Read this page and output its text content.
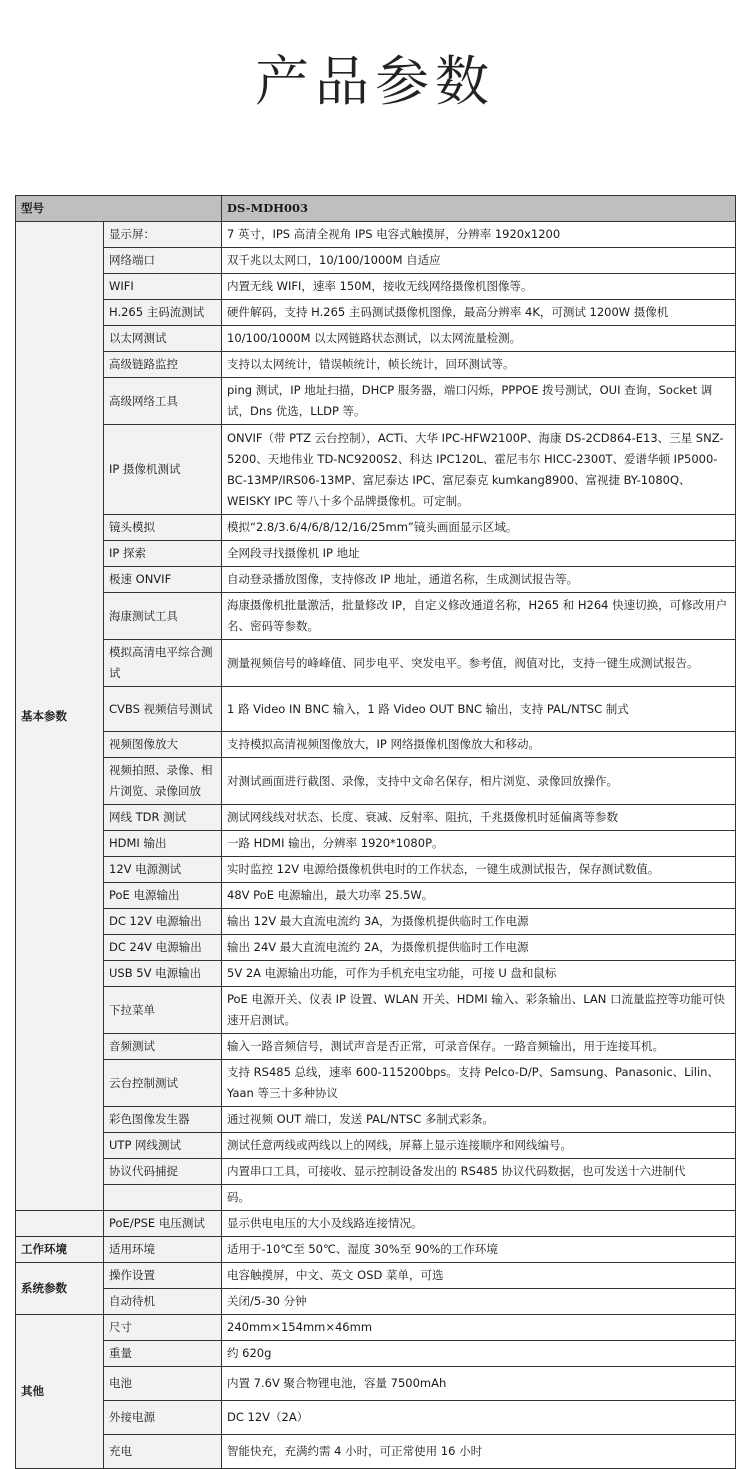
产品参数
型号		DS-MDH003
基本参数	显示屏：	7 英寸，IPS 高清全视角 IPS 电容式触摸屏，分辨率 1920x1200
	网络端口	双千兆以太网口，10/100/1000M 自适应
	WIFI	内置无线 WIFI，速率 150M，接收无线网络摄像机图像等。
	H.265 主码流测试	硬件解码，支持 H.265 主码测试摄像机图像，最高分辨率 4K，可测试 1200W 摄像机
	以太网测试	10/100/1000M 以太网链路状态测试，以太网流量检测。
	高级链路监控	支持以太网统计，错误帧统计，帧长统计，回环测试等。
	高级网络工具	ping 测试，IP 地址扫描，DHCP 服务器，端口闪烁，PPPOE 拨号测试，OUI 查询，Socket 调试，Dns 优选，LLDP 等。
	IP 摄像机测试	ONVIF（带 PTZ 云台控制），ACTi、大华 IPC-HFW2100P、海康 DS-2CD864-E13、三星 SNZ-5200、天地伟业 TD-NC9200S2、科达 IPC120L、霍尼韦尔 HICC-2300T、爱谱华顿 IP5000-BC-13MP/IRS06-13MP、富尼泰达 IPC、富尼泰克 kumkang8900、富视捷 BY-1080Q、WEISKY IPC 等八十多个品牌摄像机。可定制。
	镜头模拟	模拟“2.8/3.6/4/6/8/12/16/25mm”镜头画面显示区域。
	IP 探索	全网段寻找摄像机 IP 地址
	极速 ONVIF	自动登录播放图像，支持修改 IP 地址，通道名称，生成测试报告等。
	海康测试工具	海康摄像机批量激活，批量修改 IP，自定义修改通道名称，H265 和 H264 快速切换，可修改用户名、密码等参数。
	模拟高清电平综合测试	测量视频信号的峰峰值、同步电平、突发电平。参考值，阀值对比，支持一键生成测试报告。
	CVBS 视频信号测试	1 路 Video IN BNC 输入，1 路 Video OUT BNC 输出，支持 PAL/NTSC 制式
	视频图像放大	支持模拟高清视频图像放大，IP 网络摄像机图像放大和移动。
	视频拍照、录像、相片浏览、录像回放	对测试画面进行截图、录像，支持中文命名保存，相片浏览、录像回放操作。
	网线 TDR 测试	测试网线线对状态、长度、衰减、反射率、阻抗，千兆摄像机时延偏离等参数
	HDMI 输出	一路 HDMI 输出，分辨率 1920*1080P。
	12V 电源测试	实时监控 12V 电源给摄像机供电时的工作状态，一键生成测试报告，保存测试数值。
	PoE 电源输出	48V PoE 电源输出，最大功率 25.5W。
	DC 12V 电源输出	输出 12V 最大直流电流约 3A，为摄像机提供临时工作电源
	DC 24V 电源输出	输出 24V 最大直流电流约 2A，为摄像机提供临时工作电源
	USB 5V 电源输出	5V 2A 电源输出功能，可作为手机充电宝功能，可接 U 盘和鼠标
	下拉菜单	PoE 电源开关、仪表 IP 设置、WLAN 开关、HDMI 输入、彩条输出、LAN 口流量监控等功能可快速开启测试。
	音频测试	输入一路音频信号，测试声音是否正常，可录音保存。一路音频输出，用于连接耳机。
	云台控制测试	支持 RS485 总线，速率 600-115200bps。支持 Pelco-D/P、Samsung、Panasonic、Lilin、Yaan 等三十多种协议
	彩色图像发生器	通过视频 OUT 端口，发送 PAL/NTSC 多制式彩条。
	UTP 网线测试	测试任意两线或两线以上的网线，屏幕上显示连接顺序和网线编号。
	协议代码捕捉	内置串口工具，可接收、显示控制设备发出的 RS485 协议代码数据，也可发送十六进制代
		码。
	PoE/PSE 电压测试	显示供电电压的大小及线路连接情况。
工作环境	适用环境	适用于-10℃至 50℃、湿度 30%至 90%的工作环境
系统参数	操作设置	电容触摸屏，中文、英文 OSD 菜单，可选
	自动待机	关闭/5-30 分钟
其他	尺寸	240mm×154mm×46mm
	重量	约 620g
	电池	内置 7.6V 聚合物锂电池，容量 7500mAh
	外接电源	DC 12V（2A）
	充电	智能快充，充满约需 4 小时，可正常使用 16 小时
